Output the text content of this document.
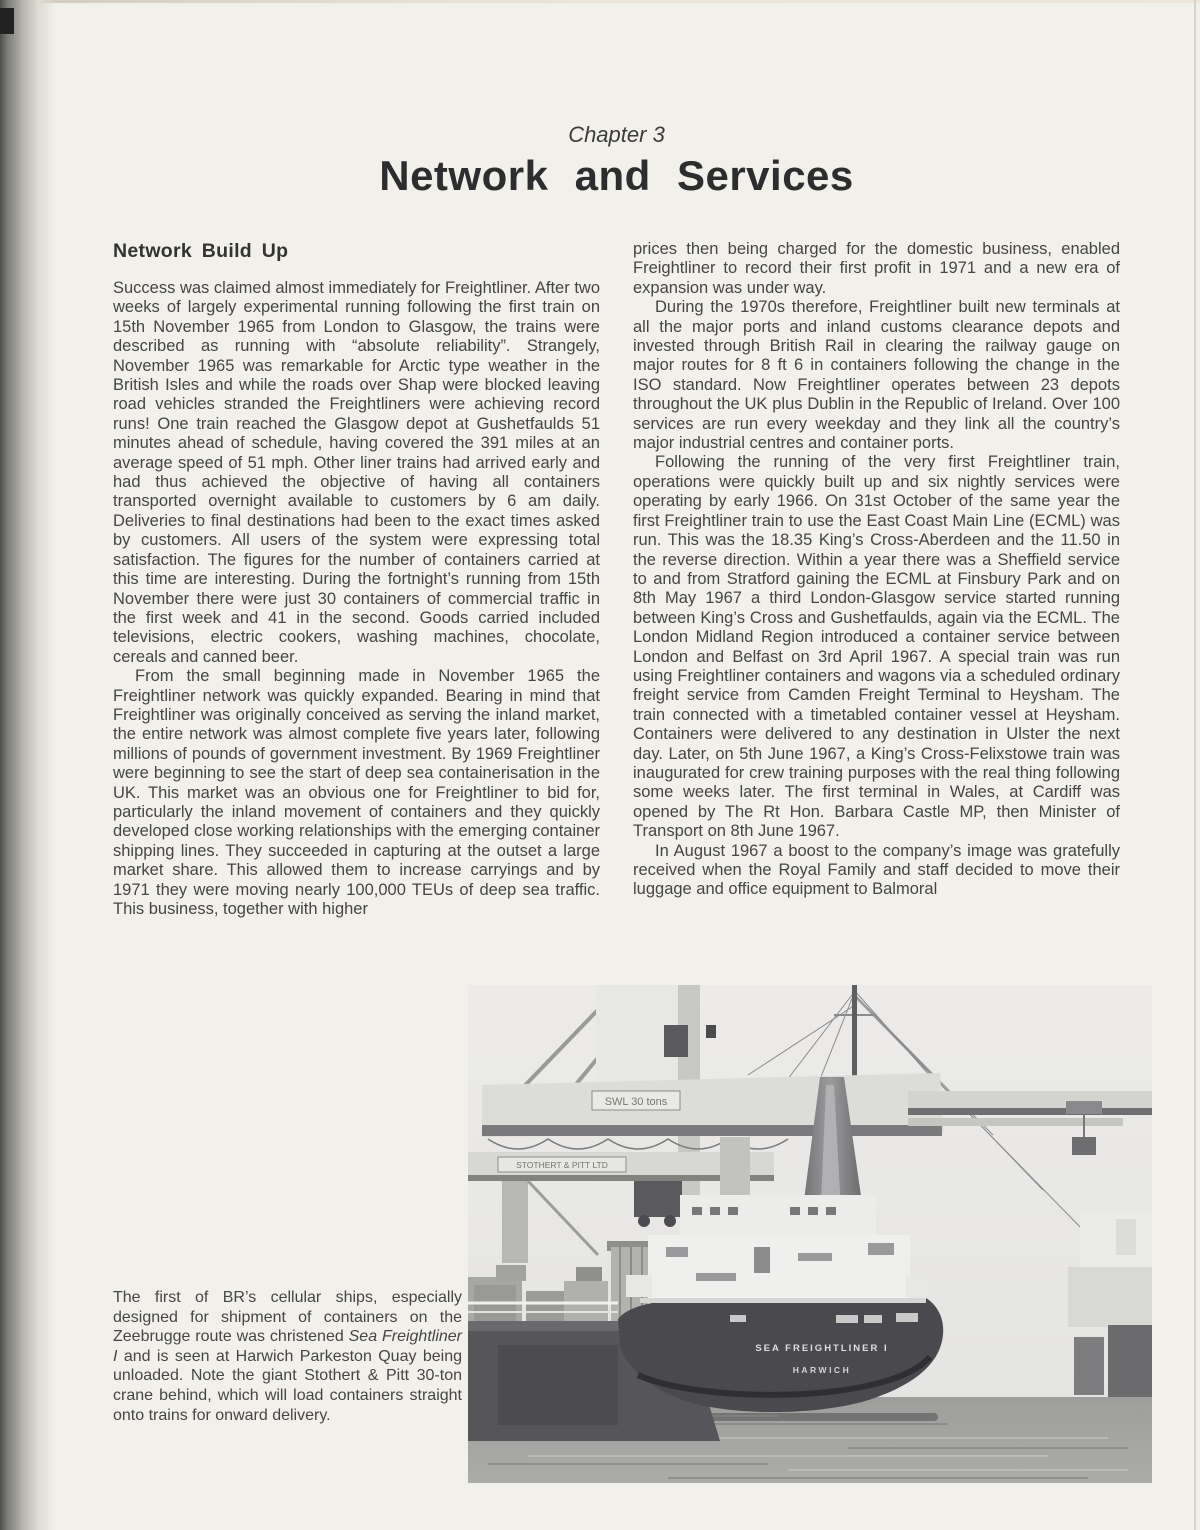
Chapter 3
Network and Services
Network Build Up

Success was claimed almost immediately for Freightliner. After two weeks of largely experimental running following the first train on 15th November 1965 from London to Glasgow, the trains were described as running with “absolute reliability”. Strangely, November 1965 was remarkable for Arctic type weather in the British Isles and while the roads over Shap were blocked leaving road vehicles stranded the Freightliners were achieving record runs! One train reached the Glasgow depot at Gushetfaulds 51 minutes ahead of schedule, having covered the 391 miles at an average speed of 51 mph. Other liner trains had arrived early and had thus achieved the objective of having all containers transported overnight available to customers by 6 am daily. Deliveries to final destinations had been to the exact times asked by customers. All users of the system were expressing total satisfaction. The figures for the number of containers carried at this time are interesting. During the fortnight’s running from 15th November there were just 30 containers of commercial traffic in the first week and 41 in the second. Goods carried included televisions, electric cookers, washing machines, chocolate, cereals and canned beer.

From the small beginning made in November 1965 the Freightliner network was quickly expanded. Bearing in mind that Freightliner was originally conceived as serving the inland market, the entire network was almost complete five years later, following millions of pounds of government investment. By 1969 Freightliner were beginning to see the start of deep sea containerisation in the UK. This market was an obvious one for Freightliner to bid for, particularly the inland movement of containers and they quickly developed close working relationships with the emerging container shipping lines. They succeeded in capturing at the outset a large market share. This allowed them to increase carryings and by 1971 they were moving nearly 100,000 TEUs of deep sea traffic. This business, together with higher

prices then being charged for the domestic business, enabled Freightliner to record their first profit in 1971 and a new era of expansion was under way.

During the 1970s therefore, Freightliner built new terminals at all the major ports and inland customs clearance depots and invested through British Rail in clearing the railway gauge on major routes for 8 ft 6 in containers following the change in the ISO standard. Now Freightliner operates between 23 depots throughout the UK plus Dublin in the Republic of Ireland. Over 100 services are run every weekday and they link all the country’s major industrial centres and container ports.

Following the running of the very first Freightliner train, operations were quickly built up and six nightly services were operating by early 1966. On 31st October of the same year the first Freightliner train to use the East Coast Main Line (ECML) was run. This was the 18.35 King’s Cross-Aberdeen and the 11.50 in the reverse direction. Within a year there was a Sheffield service to and from Stratford gaining the ECML at Finsbury Park and on 8th May 1967 a third London-Glasgow service started running between King’s Cross and Gushetfaulds, again via the ECML. The London Midland Region introduced a container service between London and Belfast on 3rd April 1967. A special train was run using Freightliner containers and wagons via a scheduled ordinary freight service from Camden Freight Terminal to Heysham. The train connected with a timetabled container vessel at Heysham. Containers were delivered to any destination in Ulster the next day. Later, on 5th June 1967, a King’s Cross-Felixstowe train was inaugurated for crew training purposes with the real thing following some weeks later. The first terminal in Wales, at Cardiff was opened by The Rt Hon. Barbara Castle MP, then Minister of Transport on 8th June 1967.

In August 1967 a boost to the company’s image was gratefully received when the Royal Family and staff decided to move their luggage and office equipment to Balmoral

The first of BR’s cellular ships, especially designed for shipment of containers on the Zeebrugge route was christened Sea Freightliner I and is seen at Harwich Parkeston Quay being unloaded. Note the giant Stothert & Pitt 30-ton crane behind, which will load containers straight onto trains for onward delivery.

SWL 30 tons
STOTHERT & PITT LTD
SEA FREIGHTLINER I
HARWICH
